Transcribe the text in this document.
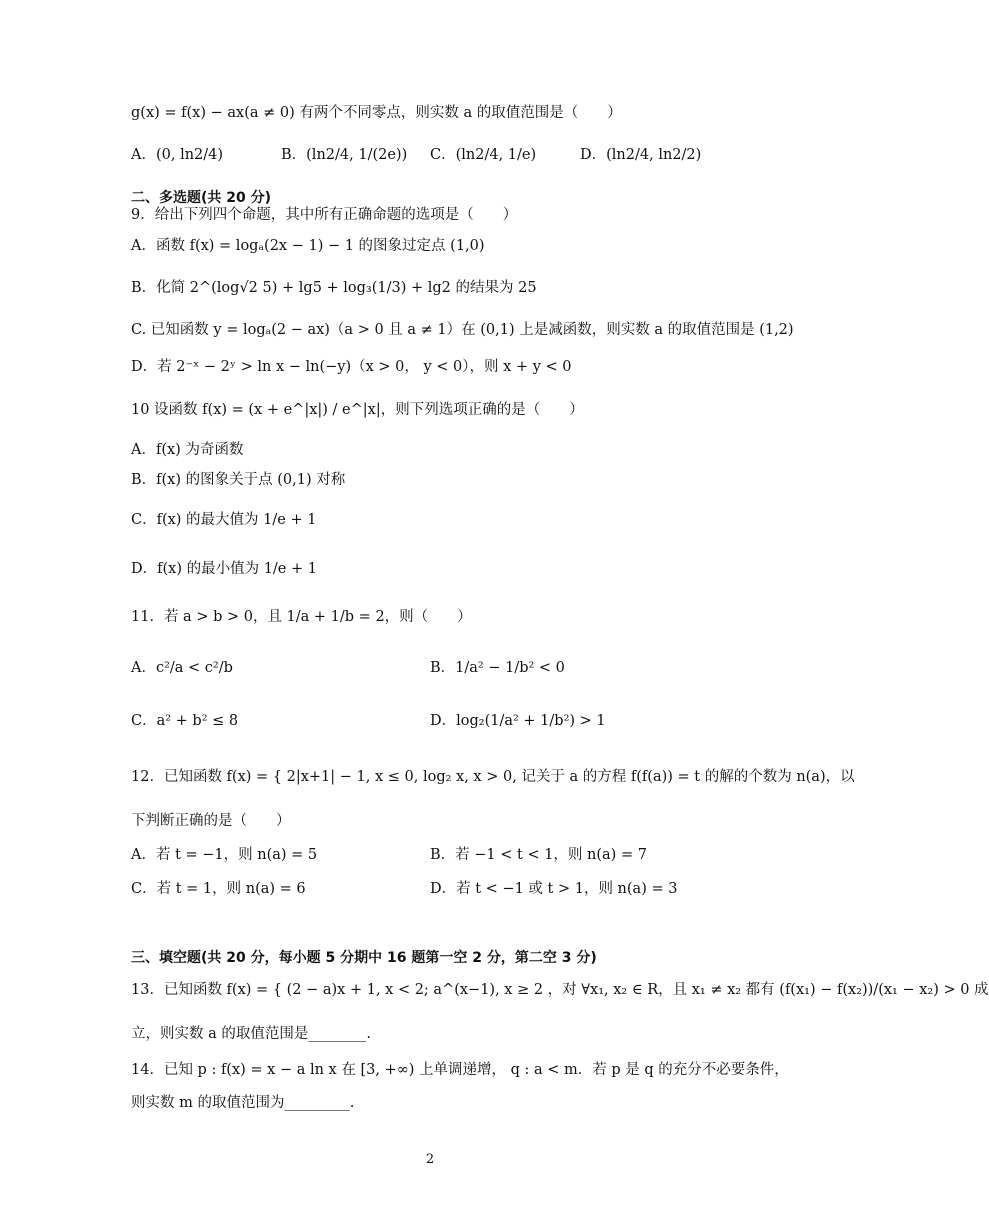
g(x) = f(x) − ax(a ≠ 0) 有两个不同零点，则实数 a 的取值范围是（　　）
A．(0, ln2/4)	B．(ln2/4, 1/(2e)) C．(ln2/4, 1/e)	D．(ln2/4, ln2/2)
二、多选题(共 20 分)
9．给出下列四个命题，其中所有正确命题的选项是（　　）
A．函数 f(x) = logₐ(2x − 1) − 1 的图象过定点 (1,0)
B．化简 2^(log√2 5) + lg5 + log₃(1/3) + lg2 的结果为 25
C. 已知函数 y = logₐ(2 − ax)（a > 0 且 a ≠ 1）在 (0,1) 上是减函数，则实数 a 的取值范围是 (1,2)
D．若 2⁻ˣ − 2ʸ > ln x − ln(−y)（x > 0， y < 0），则 x + y < 0
10 设函数 f(x) = (x + e^|x|) / e^|x|，则下列选项正确的是（　　）
A．f(x) 为奇函数
B．f(x) 的图象关于点 (0,1) 对称
C．f(x) 的最大值为 1/e + 1
D．f(x) 的最小值为 1/e + 1
11．若 a > b > 0，且 1/a + 1/b = 2，则（　　）
A．c²/a < c²/b	B．1/a² − 1/b² < 0
C．a² + b² ≤ 8	D．log₂(1/a² + 1/b²) > 1
12．已知函数 f(x) = { 2|x+1| − 1, x ≤ 0, log₂ x, x > 0, 记关于 a 的方程 f(f(a)) = t 的解的个数为 n(a)，以
下判断正确的是（　　）
A．若 t = −1，则 n(a) = 5	B．若 −1 < t < 1，则 n(a) = 7
C．若 t = 1，则 n(a) = 6	D．若 t < −1 或 t > 1，则 n(a) = 3
三、填空题(共 20 分，每小题 5 分期中 16 题第一空 2 分，第二空 3 分)
13．已知函数 f(x) = { (2 − a)x + 1, x < 2; a^(x−1), x ≥ 2 ，对 ∀x₁, x₂ ∈ R，且 x₁ ≠ x₂ 都有 (f(x₁) − f(x₂))/(x₁ − x₂) > 0 成
立，则实数 a 的取值范围是________.
14．已知 p : f(x) = x − a ln x 在 [3, +∞) 上单调递增， q : a < m．若 p 是 q 的充分不必要条件，
则实数 m 的取值范围为_________.
2
